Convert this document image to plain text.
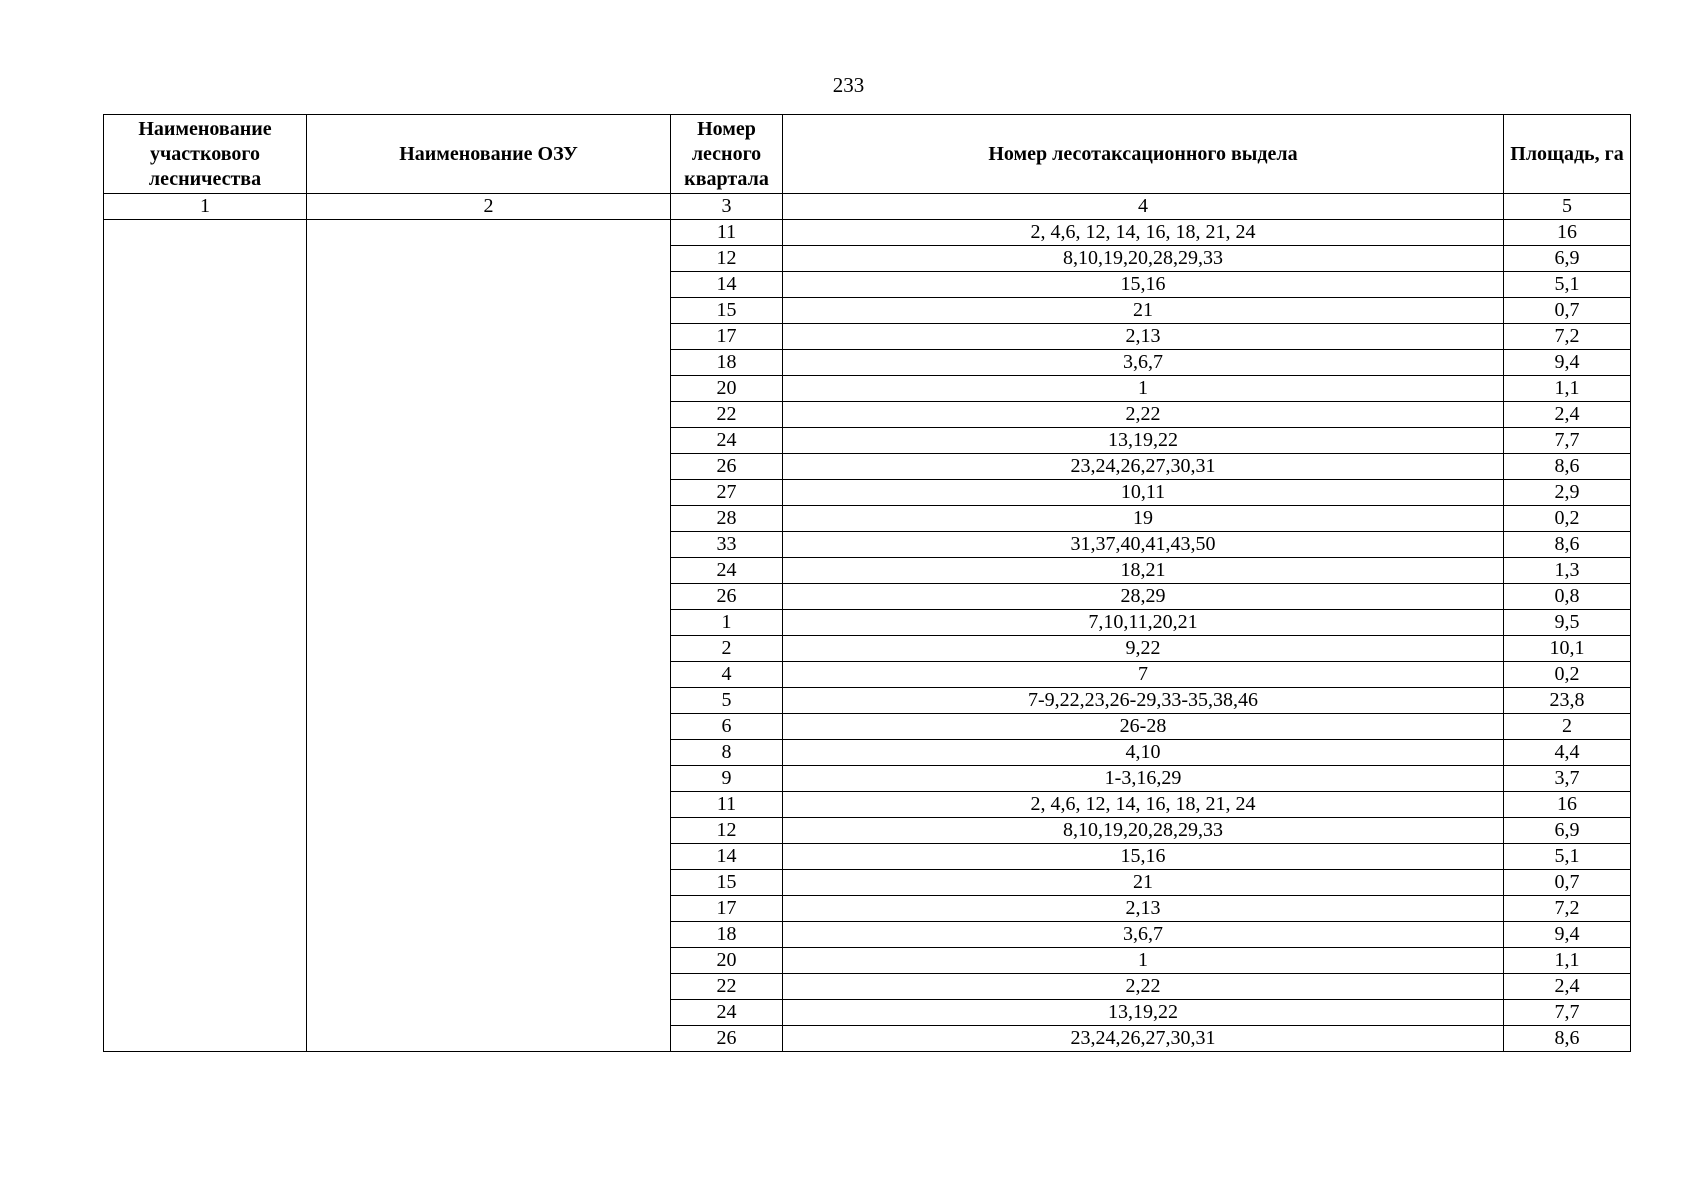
233
Наименование участкового лесничества	Наименование ОЗУ	Номер лесного квартала	Номер лесотаксационного выдела	Площадь, га
1	2	3	4	5
		11	2, 4,6, 12, 14, 16, 18, 21, 24	16
		12	8,10,19,20,28,29,33	6,9
		14	15,16	5,1
		15	21	0,7
		17	2,13	7,2
		18	3,6,7	9,4
		20	1	1,1
		22	2,22	2,4
		24	13,19,22	7,7
		26	23,24,26,27,30,31	8,6
		27	10,11	2,9
		28	19	0,2
		33	31,37,40,41,43,50	8,6
		24	18,21	1,3
		26	28,29	0,8
		1	7,10,11,20,21	9,5
		2	9,22	10,1
		4	7	0,2
		5	7-9,22,23,26-29,33-35,38,46	23,8
		6	26-28	2
		8	4,10	4,4
		9	1-3,16,29	3,7
		11	2, 4,6, 12, 14, 16, 18, 21, 24	16
		12	8,10,19,20,28,29,33	6,9
		14	15,16	5,1
		15	21	0,7
		17	2,13	7,2
		18	3,6,7	9,4
		20	1	1,1
		22	2,22	2,4
		24	13,19,22	7,7
		26	23,24,26,27,30,31	8,6
